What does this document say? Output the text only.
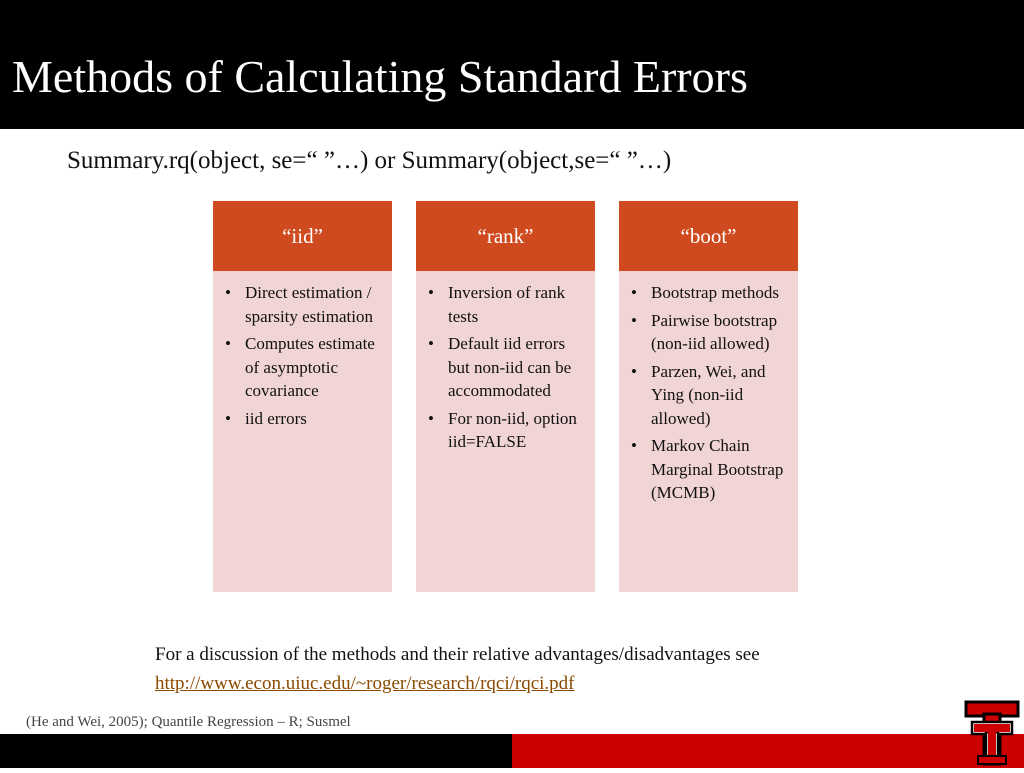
Methods of Calculating Standard Errors
Summary.rq(object, se=“ ”…) or Summary(object,se=“ ”…)
“iid”
• Direct estimation / sparsity estimation
• Computes estimate of asymptotic covariance
• iid errors
“rank”
• Inversion of rank tests
• Default iid errors but non-iid can be accommodated
• For non-iid, option iid=FALSE
“boot”
• Bootstrap methods
• Pairwise bootstrap (non-iid allowed)
• Parzen, Wei, and Ying (non-iid allowed)
• Markov Chain Marginal Bootstrap (MCMB)
For a discussion of the methods and their relative advantages/disadvantages see
http://www.econ.uiuc.edu/~roger/research/rqci/rqci.pdf
(He and Wei, 2005); Quantile Regression – R; Susmel
